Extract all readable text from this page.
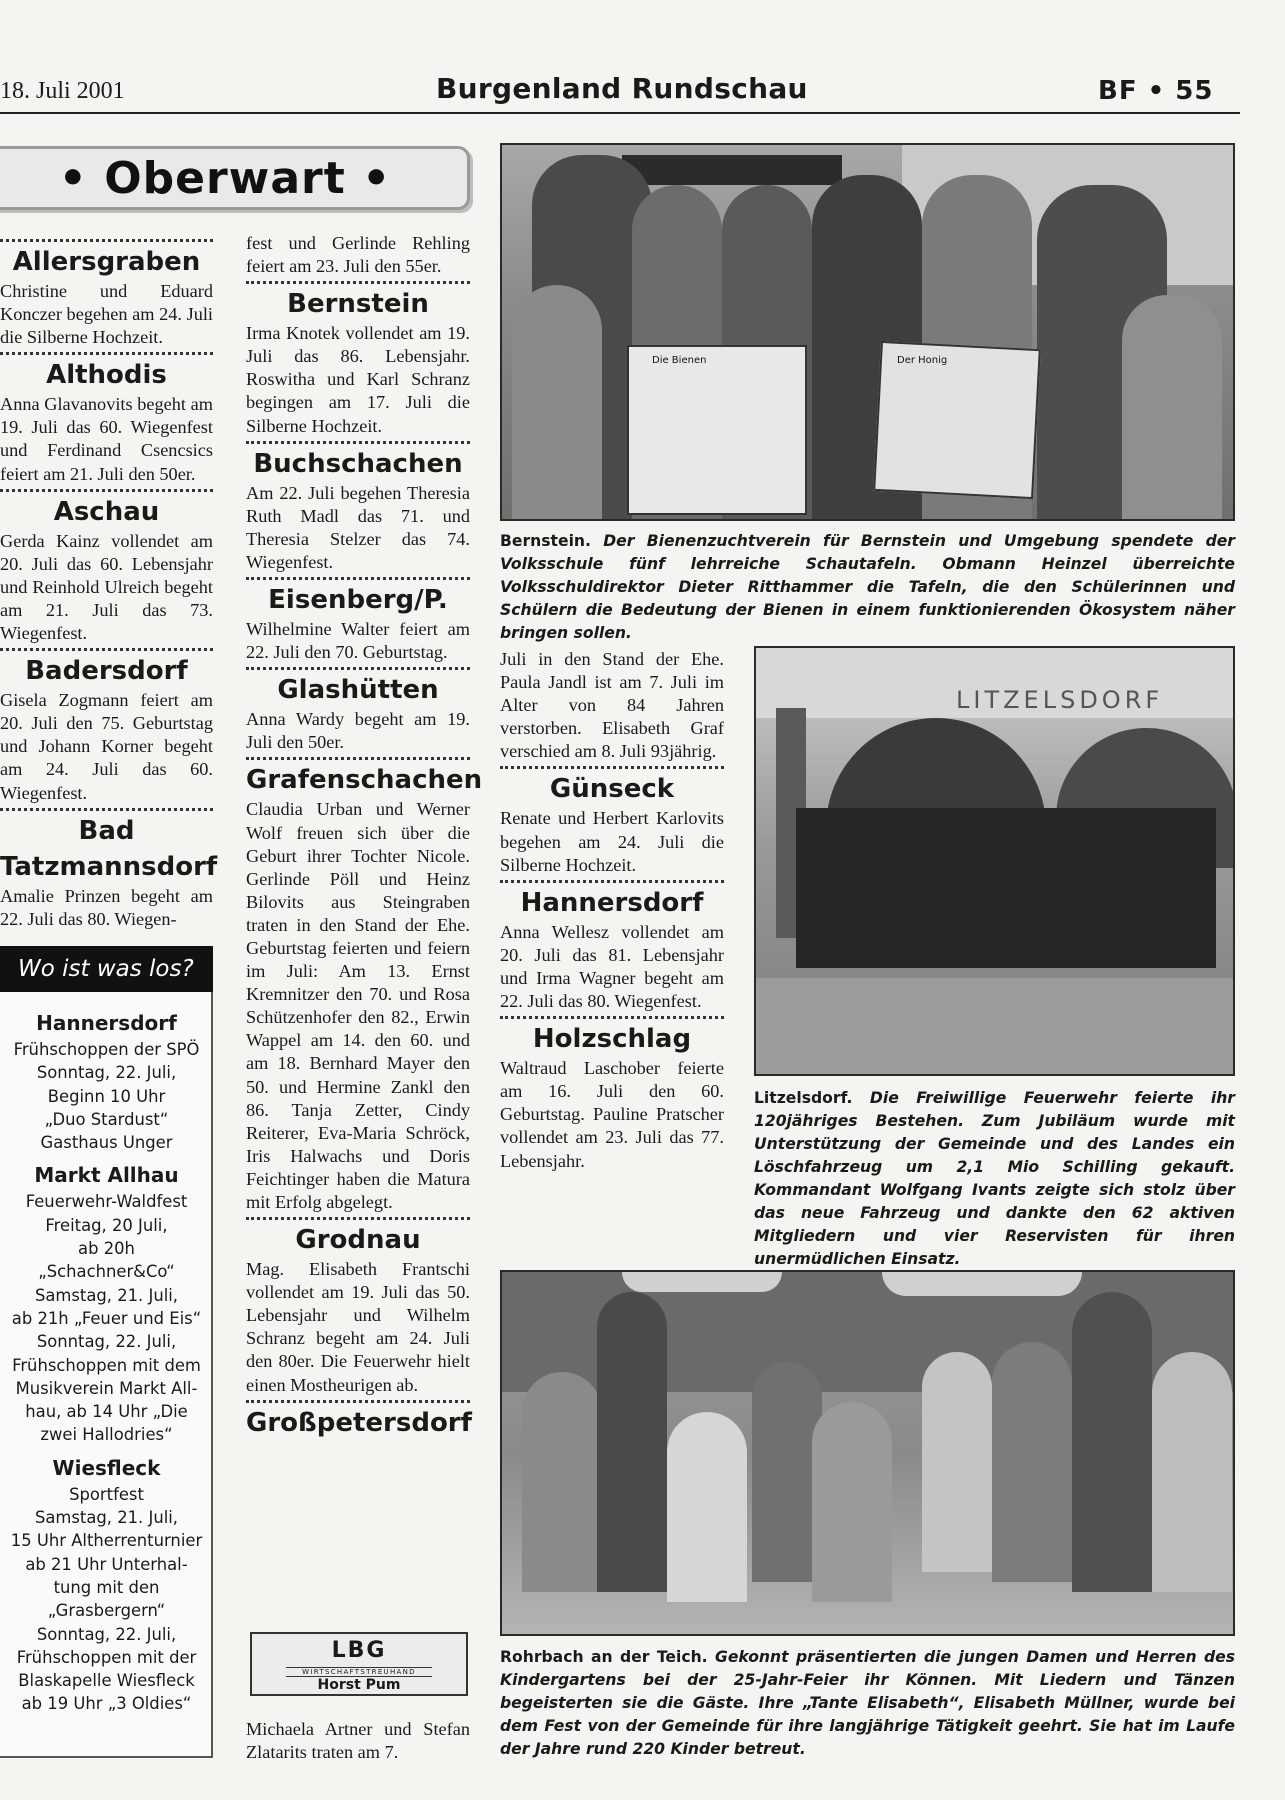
18. Juli 2001	Burgenland Rundschau	BF • 55
• Oberwart •
Allersgraben

Christine und Eduard Konczer begehen am 24. Juli die Silberne Hochzeit.

Althodis

Anna Glavanovits begeht am 19. Juli das 60. Wiegenfest und Ferdinand Csencsics feiert am 21. Juli den 50er.

Aschau

Gerda Kainz vollendet am 20. Juli das 60. Lebensjahr und Reinhold Ulreich begeht am 21. Juli das 73. Wiegenfest.

Badersdorf

Gisela Zogmann feiert am 20. Juli den 75. Geburtstag und Johann Korner begeht am 24. Juli das 60. Wiegenfest.

Bad Tatzmannsdorf

Amalie Prinzen begeht am 22. Juli das 80. Wiegen-

Wo ist was los?
Hannersdorf
Frühschoppen der SPÖ
Sonntag, 22. Juli,
Beginn 10 Uhr
„Duo Stardust“
Gasthaus Unger
Markt Allhau
Feuerwehr-Waldfest
Freitag, 20 Juli,
ab 20h
„Schachner&Co“
Samstag, 21. Juli,
ab 21h „Feuer und Eis“
Sonntag, 22. Juli,
Frühschoppen mit dem
Musikverein Markt All-
hau, ab 14 Uhr „Die
zwei Hallodries“
Wiesfleck
Sportfest
Samstag, 21. Juli,
15 Uhr Altherrenturnier
ab 21 Uhr Unterhal-
tung mit den
„Grasbergern“
Sonntag, 22. Juli,
Frühschoppen mit der
Blaskapelle Wiesfleck
ab 19 Uhr „3 Oldies“

fest und Gerlinde Rehling feiert am 23. Juli den 55er.

Bernstein

Irma Knotek vollendet am 19. Juli das 86. Lebensjahr. Roswitha und Karl Schranz begingen am 17. Juli die Silberne Hochzeit.

Buchschachen

Am 22. Juli begehen Theresia Ruth Madl das 71. und Theresia Stelzer das 74. Wiegenfest.

Eisenberg/P.

Wilhelmine Walter feiert am 22. Juli den 70. Geburtstag.

Glashütten

Anna Wardy begeht am 19. Juli den 50er.

Grafenschachen

Claudia Urban und Werner Wolf freuen sich über die Geburt ihrer Tochter Nicole. Gerlinde Pöll und Heinz Bilovits aus Steingraben traten in den Stand der Ehe. Geburtstag feierten und feiern im Juli: Am 13. Ernst Kremnitzer den 70. und Rosa Schützenhofer den 82., Erwin Wappel am 14. den 60. und am 18. Bernhard Mayer den 50. und Hermine Zankl den 86. Tanja Zetter, Cindy Reiterer, Eva-Maria Schröck, Iris Halwachs und Doris Feichtinger haben die Matura mit Erfolg abgelegt.

Grodnau

Mag. Elisabeth Frantschi vollendet am 19. Juli das 50. Lebensjahr und Wilhelm Schranz begeht am 24. Juli den 80er. Die Feuerwehr hielt einen Mostheurigen ab.

Großpetersdorf
LBG
WIRTSCHAFTSTREUHAND
Horst Pum

Michaela Artner und Stefan Zlatarits traten am 7.

Die Bienen	Der Honig
Bernstein. Der Bienenzuchtverein für Bernstein und Umgebung spendete der Volksschule fünf lehrreiche Schautafeln. Obmann Heinzel überreichte Volksschuldirektor Dieter Ritthammer die Tafeln, die den Schülerinnen und Schülern die Bedeutung der Bienen in einem funktionierenden Ökosystem näher bringen sollen.

Juli in den Stand der Ehe. Paula Jandl ist am 7. Juli im Alter von 84 Jahren verstorben. Elisabeth Graf verschied am 8. Juli 93jährig.

Günseck

Renate und Herbert Karlovits begehen am 24. Juli die Silberne Hochzeit.

Hannersdorf

Anna Wellesz vollendet am 20. Juli das 81. Lebensjahr und Irma Wagner begeht am 22. Juli das 80. Wiegenfest.

Holzschlag

Waltraud Laschober feierte am 16. Juli den 60. Geburtstag. Pauline Pratscher vollendet am 23. Juli das 77. Lebensjahr.

LITZELSDORF
Litzelsdorf. Die Freiwillige Feuerwehr feierte ihr 120jähriges Bestehen. Zum Jubiläum wurde mit Unterstützung der Gemeinde und des Landes ein Löschfahrzeug um 2,1 Mio Schilling gekauft. Kommandant Wolfgang Ivants zeigte sich stolz über das neue Fahrzeug und dankte den 62 aktiven Mitgliedern und vier Reservisten für ihren unermüdlichen Einsatz.
Rohrbach an der Teich. Gekonnt präsentierten die jungen Damen und Herren des Kindergartens bei der 25-Jahr-Feier ihr Können. Mit Liedern und Tänzen begeisterten sie die Gäste. Ihre „Tante Elisabeth“, Elisabeth Müllner, wurde bei dem Fest von der Gemeinde für ihre langjährige Tätigkeit geehrt. Sie hat im Laufe der Jahre rund 220 Kinder betreut.
